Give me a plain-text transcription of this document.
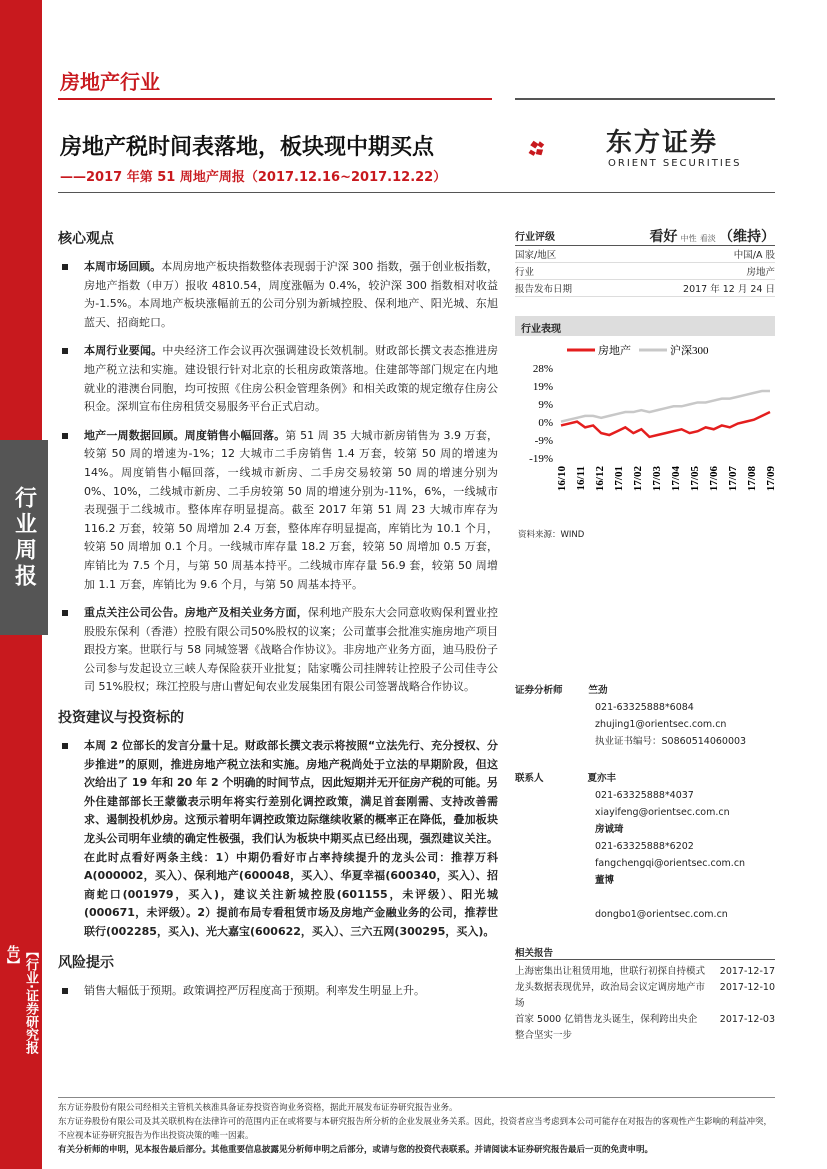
行业周报
【行业·证券研究报告】
房地产行业
房地产税时间表落地，板块现中期买点
——2017 年第 51 周地产周报（2017.12.16~2017.12.22）
东方证券
ORIENT SECURITIES
核心观点
本周市场回顾。本周房地产板块指数整体表现弱于沪深 300 指数，强于创业板指数，房地产指数（申万）报收 4810.54，周度涨幅为 0.4%，较沪深 300 指数相对收益为-1.5%。本周地产板块涨幅前五的公司分别为新城控股、保利地产、阳光城、东旭蓝天、招商蛇口。
本周行业要闻。中央经济工作会议再次强调建设长效机制。财政部长撰文表态推进房地产税立法和实施。建设银行针对北京的长租房政策落地。住建部等部门规定在内地就业的港澳台同胞，均可按照《住房公积金管理条例》和相关政策的规定缴存住房公积金。深圳宣布住房租赁交易服务平台正式启动。
地产一周数据回顾。周度销售小幅回落。第 51 周 35 大城市新房销售为 3.9 万套，较第 50 周的增速为-1%；12 大城市二手房销售 1.4 万套，较第 50 周的增速为 14%。周度销售小幅回落，一线城市新房、二手房交易较第 50 周的增速分别为 0%、10%，二线城市新房、二手房较第 50 周的增速分别为-11%，6%，一线城市表现强于二线城市。整体库存明显提高。截至 2017 年第 51 周 23 大城市库存为 116.2 万套，较第 50 周增加 2.4 万套，整体库存明显提高，库销比为 10.1 个月，较第 50 周增加 0.1 个月。一线城市库存量 18.2 万套，较第 50 周增加 0.5 万套，库销比为 7.5 个月，与第 50 周基本持平。二线城市库存量 56.9 套，较第 50 周增加 1.1 万套，库销比为 9.6 个月，与第 50 周基本持平。
重点关注公司公告。房地产及相关业务方面，保利地产股东大会同意收购保利置业控股股东保利（香港）控股有限公司50%股权的议案；公司董事会批准实施房地产项目跟投方案。世联行与 58 同城签署《战略合作协议》。非房地产业务方面，迪马股份子公司参与发起设立三峡人寿保险获开业批复；陆家嘴公司挂牌转让控股子公司佳寺公司 51%股权；珠江控股与唐山曹妃甸农业发展集团有限公司签署战略合作协议。
投资建议与投资标的
本周 2 位部长的发言分量十足。财政部长撰文表示将按照“立法先行、充分授权、分步推进”的原则，推进房地产税立法和实施。房地产税尚处于立法的早期阶段，但这次给出了 19 年和 20 年 2 个明确的时间节点，因此短期并无开征房产税的可能。另外住建部部长王蒙徽表示明年将实行差别化调控政策，满足首套刚需、支持改善需求、遏制投机炒房。这预示着明年调控政策边际继续收紧的概率正在降低，叠加板块龙头公司明年业绩的确定性极强，我们认为板块中期买点已经出现，强烈建议关注。在此时点看好两条主线：1）中期仍看好市占率持续提升的龙头公司：推荐万科 A(000002，买入）、保利地产(600048，买入）、华夏幸福(600340，买入）、招商蛇口(001979，买入)，建议关注新城控股(601155，未评级）、阳光城(000671，未评级）。2）提前布局专看租赁市场及房地产金融业务的公司，推荐世联行(002285，买入)、光大嘉宝(600622，买入）、三六五网(300295，买入)。
风险提示
销售大幅低于预期。政策调控严厉程度高于预期。利率发生明显上升。
行业评级	看好 中性 看淡 （维持）
国家/地区	中国/A 股
行业	房地产
报告发布日期	2017 年 12 月 24 日
行业表现
28%
19%
9%
0%
-9%
-19%
16/10 16/11 16/12 17/01 17/02 17/03 17/04 17/05 17/06 17/07 17/08 17/09
房地产	沪深300
资料来源：WIND
证券分析师	竺劲
021-63325888*6084
zhujing1@orientsec.com.cn
执业证书编号：S0860514060003
联系人	夏亦丰
021-63325888*4037
xiayifeng@orientsec.com.cn
房诚琦
021-63325888*6202
fangchengqi@orientsec.com.cn
董博
dongbo1@orientsec.com.cn
相关报告
上海密集出让租赁用地，世联行初探自持模式 2017-12-17
龙头数据表现优异，政治局会议定调房地产市场
2017-12-10
首家 5000 亿销售龙头诞生，保利跨出央企整合坚实一步
2017-12-03
东方证券股份有限公司经相关主管机关核准具备证券投资咨询业务资格，据此开展发布证券研究报告业务。
东方证券股份有限公司及其关联机构在法律许可的范围内正在或将要与本研究报告所分析的企业发展业务关系。因此，投资者应当考虑到本公司可能存在对报告的客观性产生影响的利益冲突，不应视本证券研究报告为作出投资决策的唯一因素。
有关分析师的申明，见本报告最后部分。其他重要信息披露见分析师申明之后部分，或请与您的投资代表联系。并请阅读本证券研究报告最后一页的免责申明。
